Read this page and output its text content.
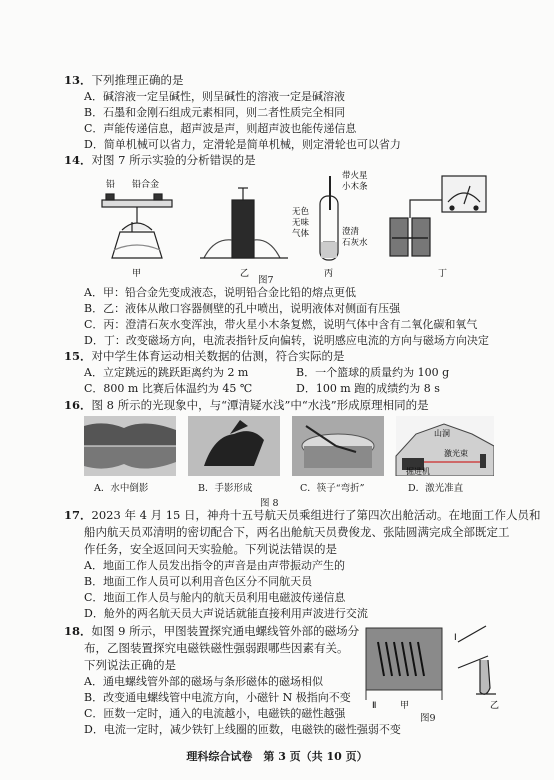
13．下列推理正确的是
A．碱溶液一定呈碱性，则呈碱性的溶液一定是碱溶液
B．石墨和金刚石组成元素相同，则二者性质完全相同
C．声能传递信息，超声波是声，则超声波也能传递信息
D．简单机械可以省力，定滑轮是简单机械，则定滑轮也可以省力
14．对图 7 所示实验的分析错误的是
铅 铅合金
甲	乙
带火星
小木条
无色
无味
气体	澄清
石灰水
丙	丁
图7
A．甲：铅合金先变成液态，说明铅合金比铅的熔点更低
B．乙：液体从敞口容器侧壁的孔中喷出，说明液体对侧面有压强
C．丙：澄清石灰水变浑浊，带火星小木条复燃，说明气体中含有二氧化碳和氧气
D．丁：改变磁场方向，电流表指针反向偏转，说明感应电流的方向与磁场方向决定
15．对中学生体育运动相关数据的估测，符合实际的是
A．立定跳远的跳跃距离约为 2 m	B．一个篮球的质量约为 100 g
C．800 m 比赛后体温约为 45 ℃	D．100 m 跑的成绩约为 8 s
16．图 8 所示的光现象中，与“潭清疑水浅”中“水浅”形成原理相同的是
山洞
激光束
掘进机
A．水中倒影	B．手影形成	C．筷子“弯折”	D．激光准直
图 8
17．2023 年 4 月 15 日，神舟十五号航天员乘组进行了第四次出舱活动。在地面工作人员和
船内航天员邓清明的密切配合下，两名出舱航天员费俊龙、张陆圆满完成全部既定工
作任务，安全返回问天实验舱。下列说法错误的是
A．地面工作人员发出指令的声音是由声带振动产生的
B．地面工作人员可以利用音色区分不同航天员
C．地面工作人员与舱内的航天员利用电磁波传递信息
D．舱外的两名航天员大声说话就能直接利用声波进行交流
18．如图 9 所示，甲图装置探究通电螺线管外部的磁场分
布，乙图装置探究电磁铁磁性强弱跟哪些因素有关。
下列说法正确的是
Ⅱ	甲
Ⅰ
乙
图9
A．通电螺线管外部的磁场与条形磁体的磁场相似
B．改变通电螺线管中电流方向，小磁针 N 极指向不变
C．匝数一定时，通入的电流越小，电磁铁的磁性越强
D．电流一定时，减少铁钉上线圈的匝数，电磁铁的磁性强弱不变
理科综合试卷　第 3 页（共 10 页）
